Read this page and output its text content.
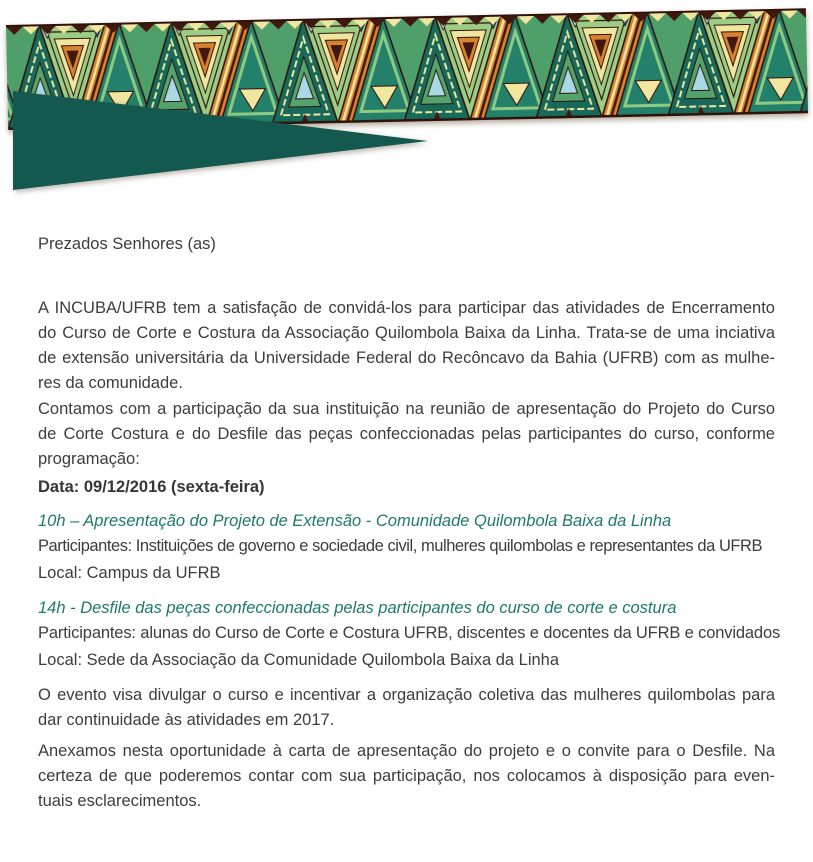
Prezados Senhores (as)

A INCUBA/UFRB tem a satisfação de convidá-los para participar das atividades de Encerramento
do Curso de Corte e Costura da Associação Quilombola Baixa da Linha. Trata-se de uma inciativa
de extensão universitária da Universidade Federal do Recôncavo da Bahia (UFRB) com as mulhe-
res da comunidade.
Contamos com a participação da sua instituição na reunião de apresentação do Projeto do Curso
de Corte Costura e do Desfile das peças confeccionadas pelas participantes do curso, conforme
programação:

Data: 09/12/2016 (sexta-feira)

10h – Apresentação do Projeto de Extensão - Comunidade Quilombola Baixa da Linha

Participantes: Instituições de governo e sociedade civil, mulheres quilombolas e representantes da UFRB

Local: Campus da UFRB

14h - Desfile das peças confeccionadas pelas participantes do curso de corte e costura

Participantes: alunas do Curso de Corte e Costura UFRB, discentes e docentes da UFRB e convidados

Local: Sede da Associação da Comunidade Quilombola Baixa da Linha

O evento visa divulgar o curso e incentivar a organização coletiva das mulheres quilombolas para
dar continuidade às atividades em 2017.
Anexamos nesta oportunidade à carta de apresentação do projeto e o convite para o Desfile. Na
certeza de que poderemos contar com sua participação, nos colocamos à disposição para even-
tuais esclarecimentos.
